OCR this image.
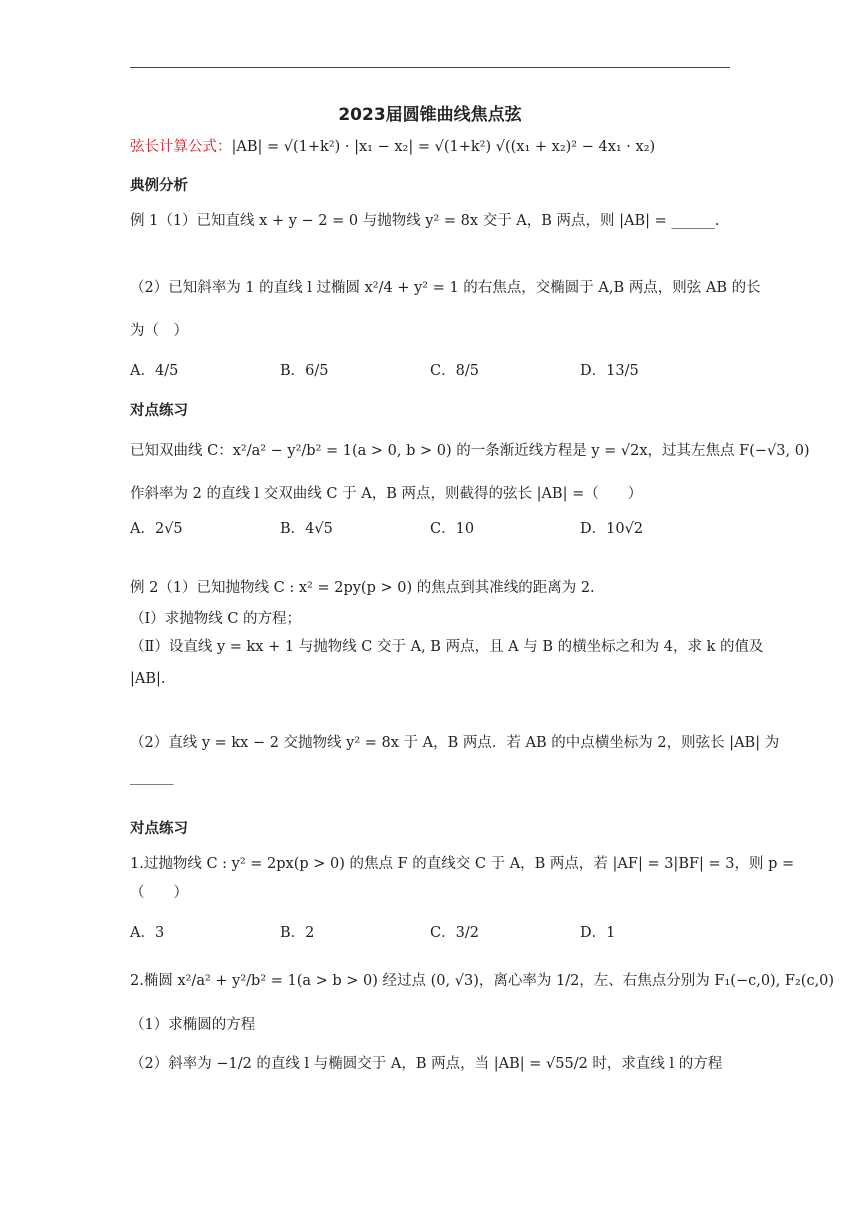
2023届圆锥曲线焦点弦
弦长计算公式：|AB| = √(1+k²) · |x₁ − x₂| = √(1+k²) √((x₁ + x₂)² − 4x₁ · x₂)
典例分析
例 1（1）已知直线 x + y − 2 = 0 与抛物线 y² = 8x 交于 A，B 两点，则 |AB| = ______.
（2）已知斜率为 1 的直线 l 过椭圆 x²/4 + y² = 1 的右焦点，交椭圆于 A,B 两点，则弦 AB 的长
为（　）
A．4/5	B．6/5	C．8/5	D．13/5
对点练习
已知双曲线 C：x²/a² − y²/b² = 1(a > 0, b > 0) 的一条渐近线方程是 y = √2x，过其左焦点 F(−√3, 0)
作斜率为 2 的直线 l 交双曲线 C 于 A，B 两点，则截得的弦长 |AB| =（　　）
A．2√5	B．4√5	C．10	D．10√2
例 2（1）已知抛物线 C : x² = 2py(p > 0) 的焦点到其准线的距离为 2.
（Ⅰ）求抛物线 C 的方程；
（Ⅱ）设直线 y = kx + 1 与抛物线 C 交于 A, B 两点，且 A 与 B 的横坐标之和为 4，求 k 的值及
|AB|.
（2）直线 y = kx − 2 交抛物线 y² = 8x 于 A，B 两点．若 AB 的中点横坐标为 2，则弦长 |AB| 为
______
对点练习
1.过抛物线 C : y² = 2px(p > 0) 的焦点 F 的直线交 C 于 A，B 两点，若 |AF| = 3|BF| = 3，则 p =
（　　）
A．3	B．2	C．3/2	D．1
2.椭圆 x²/a² + y²/b² = 1(a > b > 0) 经过点 (0, √3)，离心率为 1/2，左、右焦点分别为 F₁(−c,0), F₂(c,0)
（1）求椭圆的方程
（2）斜率为 −1/2 的直线 l 与椭圆交于 A，B 两点，当 |AB| = √55/2 时，求直线 l 的方程
